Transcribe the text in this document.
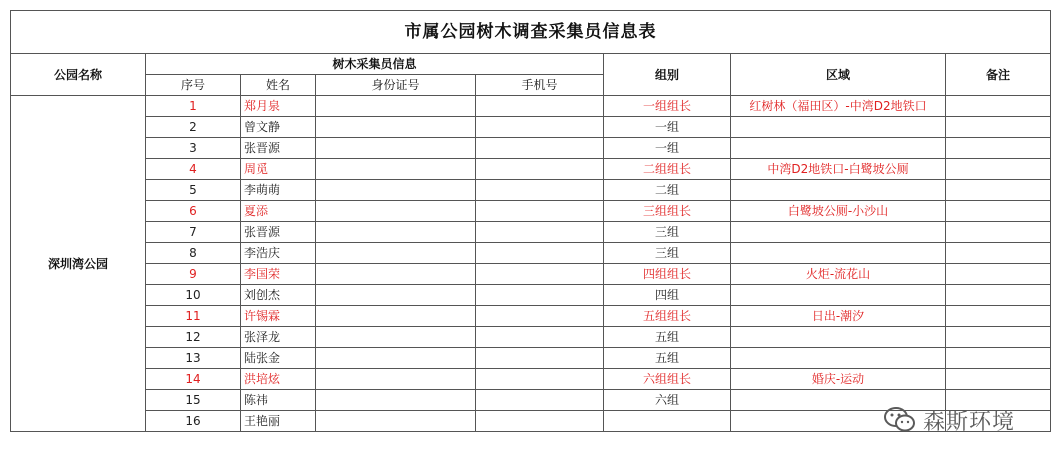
市属公园树木调查采集员信息表							
公园名称	树木采集员信息				组别	区域	备注
	序号	姓名	身份证号	手机号			
深圳湾公园	1	郑月泉			一组组长	红树林（福田区）-中湾D2地铁口	
	2	曾文静			一组		
	3	张晋源			一组		
	4	周觅			二组组长	中湾D2地铁口-白鹭坡公厕	
	5	李萌萌			二组		
	6	夏添			三组组长	白鹭坡公厕-小沙山	
	7	张晋源			三组		
	8	李浩庆			三组		
	9	李国荣			四组组长	火炬-流花山	
	10	刘创杰			四组		
	11	许锡霖			五组组长	日出-潮汐	
	12	张泽龙			五组		
	13	陆张金			五组		
	14	洪培炫			六组组长	婚庆-运动	
	15	陈祎			六组		
	16	王艳丽						森斯环境
